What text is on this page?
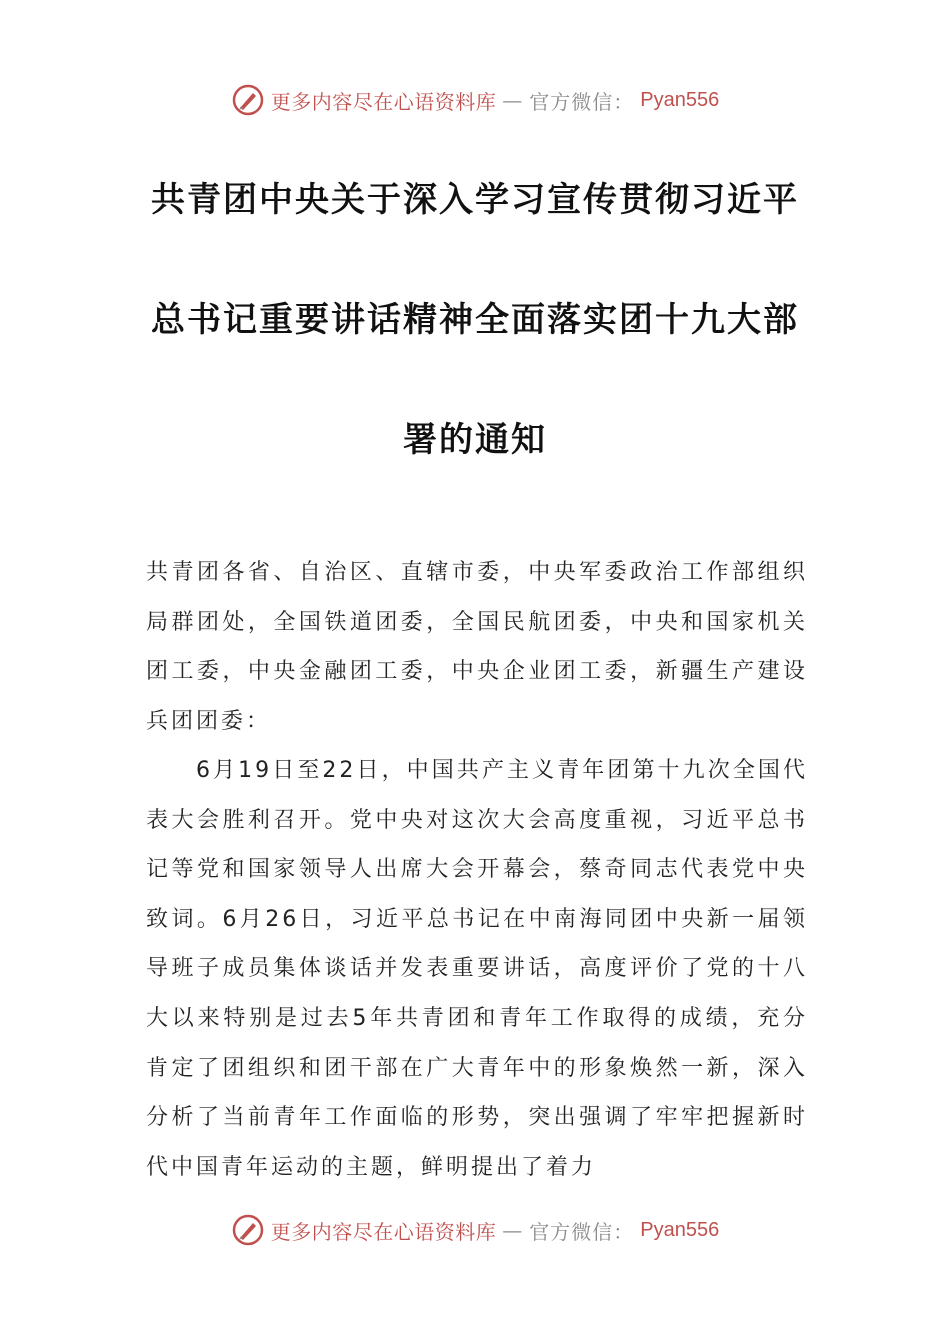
更多内容尽在心语资料库 — 官方微信： Pyan556
共青团中央关于深入学习宣传贯彻习近平
总书记重要讲话精神全面落实团十九大部
署的通知
共青团各省、自治区、直辖市委，中央军委政治工作部组织局群团处，全国铁道团委，全国民航团委，中央和国家机关团工委，中央金融团工委，中央企业团工委，新疆生产建设兵团团委：
6月19日至22日，中国共产主义青年团第十九次全国代表大会胜利召开。党中央对这次大会高度重视，习近平总书记等党和国家领导人出席大会开幕会，蔡奇同志代表党中央致词。6月26日，习近平总书记在中南海同团中央新一届领导班子成员集体谈话并发表重要讲话，高度评价了党的十八大以来特别是过去5年共青团和青年工作取得的成绩，充分肯定了团组织和团干部在广大青年中的形象焕然一新，深入分析了当前青年工作面临的形势，突出强调了牢牢把握新时代中国青年运动的主题，鲜明提出了着力
更多内容尽在心语资料库 — 官方微信： Pyan556
